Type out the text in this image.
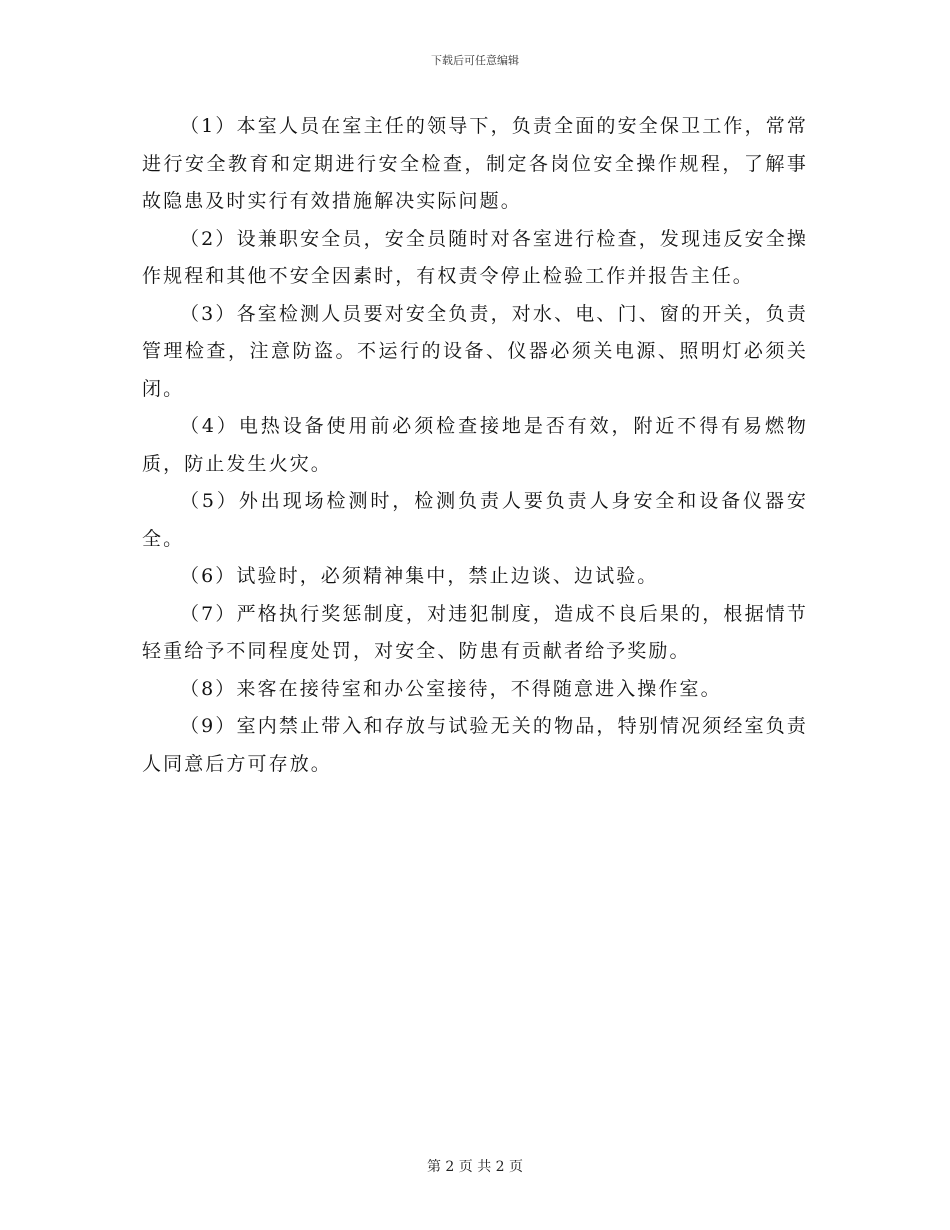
下载后可任意编辑

（1）本室人员在室主任的领导下，负责全面的安全保卫工作，常常进行安全教育和定期进行安全检查，制定各岗位安全操作规程，了解事故隐患及时实行有效措施解决实际问题。

（2）设兼职安全员，安全员随时对各室进行检查，发现违反安全操作规程和其他不安全因素时，有权责令停止检验工作并报告主任。

（3）各室检测人员要对安全负责，对水、电、门、窗的开关，负责管理检查，注意防盗。不运行的设备、仪器必须关电源、照明灯必须关闭。

（4）电热设备使用前必须检查接地是否有效，附近不得有易燃物质，防止发生火灾。

（5）外出现场检测时，检测负责人要负责人身安全和设备仪器安全。

（6）试验时，必须精神集中，禁止边谈、边试验。

（7）严格执行奖惩制度，对违犯制度，造成不良后果的，根据情节轻重给予不同程度处罚，对安全、防患有贡献者给予奖励。

（8）来客在接待室和办公室接待，不得随意进入操作室。

（9）室内禁止带入和存放与试验无关的物品，特别情况须经室负责人同意后方可存放。

第 2 页 共 2 页
